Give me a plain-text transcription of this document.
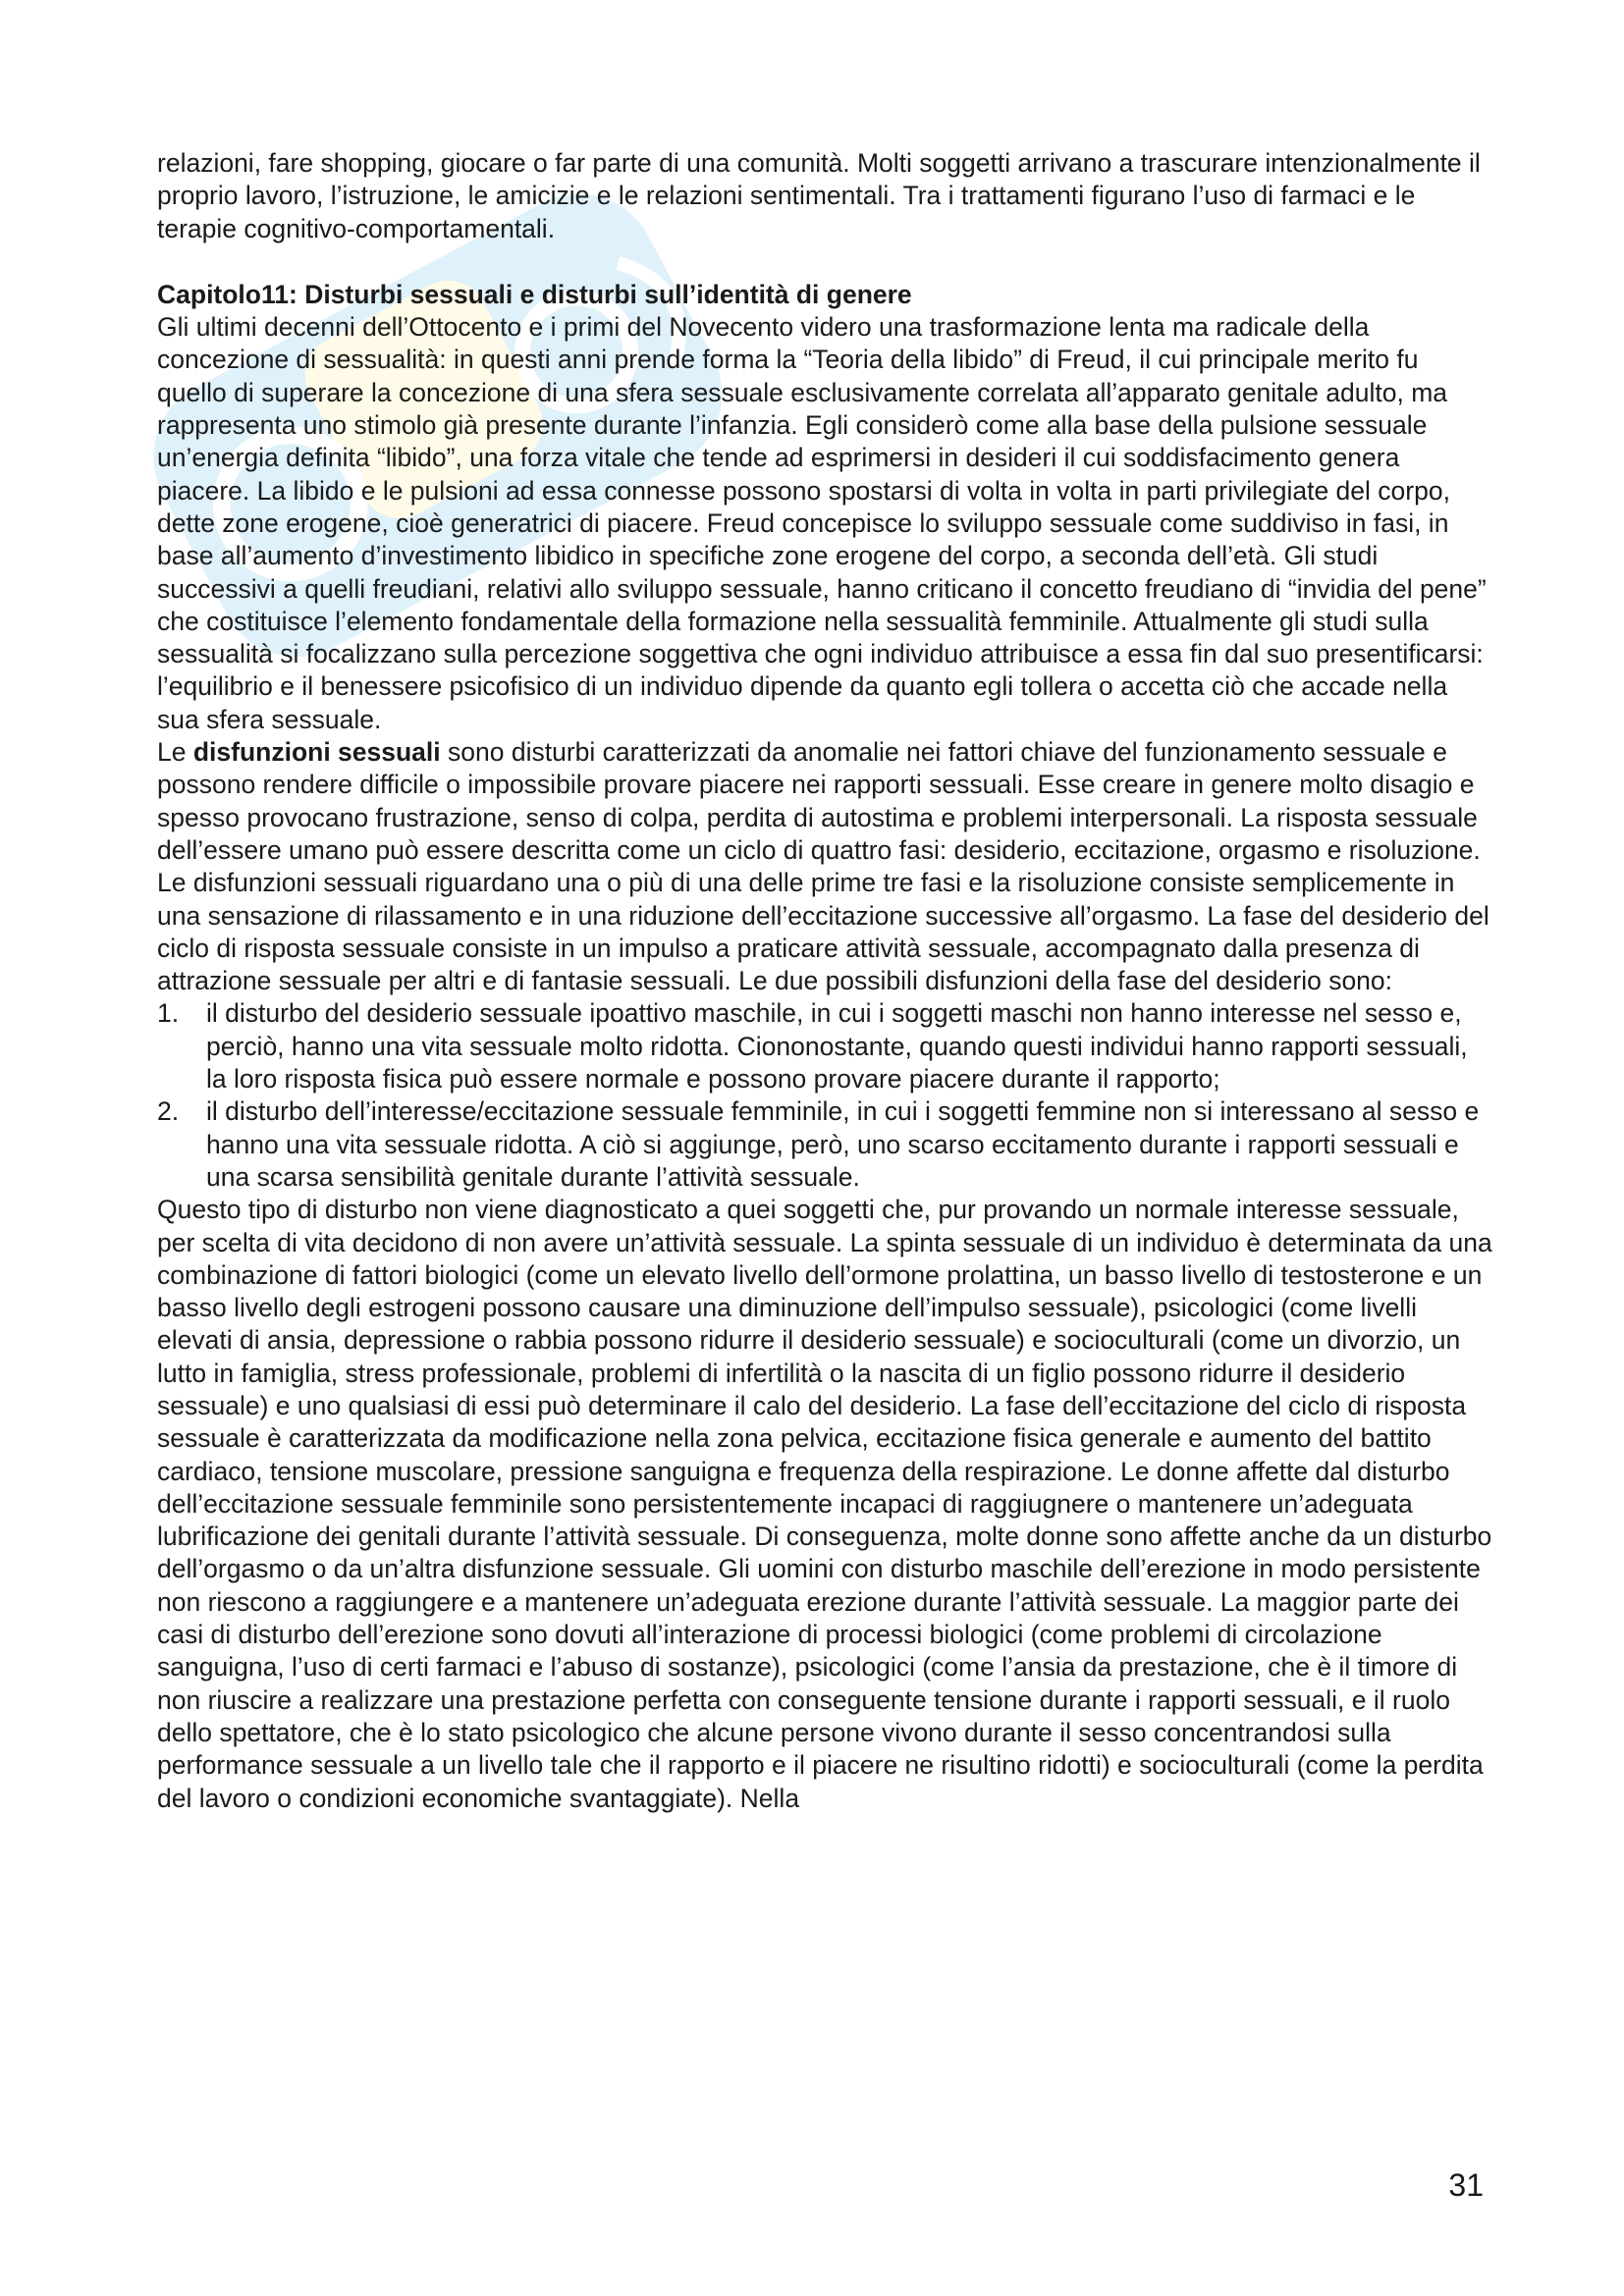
relazioni, fare shopping, giocare o far parte di una comunità. Molti soggetti arrivano a trascurare intenzionalmente il proprio lavoro, l’istruzione, le amicizie e le relazioni sentimentali. Tra i trattamenti figurano l’uso di farmaci e le terapie cognitivo-comportamentali.

Capitolo11: Disturbi sessuali e disturbi sull’identità di genere

Gli ultimi decenni dell’Ottocento e i primi del Novecento videro una trasformazione lenta ma radicale della concezione di sessualità: in questi anni prende forma la “Teoria della libido” di Freud, il cui principale merito fu quello di superare la concezione di una sfera sessuale esclusivamente correlata all’apparato genitale adulto, ma rappresenta uno stimolo già presente durante l’infanzia. Egli considerò come alla base della pulsione sessuale un’energia definita “libido”, una forza vitale che tende ad esprimersi in desideri il cui soddisfacimento genera piacere. La libido e le pulsioni ad essa connesse possono spostarsi di volta in volta in parti privilegiate del corpo, dette zone erogene, cioè generatrici di piacere. Freud concepisce lo sviluppo sessuale come suddiviso in fasi, in base all’aumento d’investimento libidico in specifiche zone erogene del corpo, a seconda dell’età. Gli studi successivi a quelli freudiani, relativi allo sviluppo sessuale, hanno criticano il concetto freudiano di “invidia del pene” che costituisce l’elemento fondamentale della formazione nella sessualità femminile. Attualmente gli studi sulla sessualità si focalizzano sulla percezione soggettiva che ogni individuo attribuisce a essa fin dal suo presentificarsi: l’equilibrio e il benessere psicofisico di un individuo dipende da quanto egli tollera o accetta ciò che accade nella sua sfera sessuale.

Le disfunzioni sessuali sono disturbi caratterizzati da anomalie nei fattori chiave del funzionamento sessuale e possono rendere difficile o impossibile provare piacere nei rapporti sessuali. Esse creare in genere molto disagio e spesso provocano frustrazione, senso di colpa, perdita di autostima e problemi interpersonali. La risposta sessuale dell’essere umano può essere descritta come un ciclo di quattro fasi: desiderio, eccitazione, orgasmo e risoluzione. Le disfunzioni sessuali riguardano una o più di una delle prime tre fasi e la risoluzione consiste semplicemente in una sensazione di rilassamento e in una riduzione dell’eccitazione successive all’orgasmo. La fase del desiderio del ciclo di risposta sessuale consiste in un impulso a praticare attività sessuale, accompagnato dalla presenza di attrazione sessuale per altri e di fantasie sessuali. Le due possibili disfunzioni della fase del desiderio sono:

1. il disturbo del desiderio sessuale ipoattivo maschile, in cui i soggetti maschi non hanno interesse nel sesso e, perciò, hanno una vita sessuale molto ridotta. Ciononostante, quando questi individui hanno rapporti sessuali, la loro risposta fisica può essere normale e possono provare piacere durante il rapporto;
2. il disturbo dell’interesse/eccitazione sessuale femminile, in cui i soggetti femmine non si interessano al sesso e hanno una vita sessuale ridotta. A ciò si aggiunge, però, uno scarso eccitamento durante i rapporti sessuali e una scarsa sensibilità genitale durante l’attività sessuale.

Questo tipo di disturbo non viene diagnosticato a quei soggetti che, pur provando un normale interesse sessuale, per scelta di vita decidono di non avere un’attività sessuale. La spinta sessuale di un individuo è determinata da una combinazione di fattori biologici (come un elevato livello dell’ormone prolattina, un basso livello di testosterone e un basso livello degli estrogeni possono causare una diminuzione dell’impulso sessuale), psicologici (come livelli elevati di ansia, depressione o rabbia possono ridurre il desiderio sessuale) e socioculturali (come un divorzio, un lutto in famiglia, stress professionale, problemi di infertilità o la nascita di un figlio possono ridurre il desiderio sessuale) e uno qualsiasi di essi può determinare il calo del desiderio. La fase dell’eccitazione del ciclo di risposta sessuale è caratterizzata da modificazione nella zona pelvica, eccitazione fisica generale e aumento del battito cardiaco, tensione muscolare, pressione sanguigna e frequenza della respirazione. Le donne affette dal disturbo dell’eccitazione sessuale femminile sono persistentemente incapaci di raggiugnere o mantenere un’adeguata lubrificazione dei genitali durante l’attività sessuale. Di conseguenza, molte donne sono affette anche da un disturbo dell’orgasmo o da un’altra disfunzione sessuale. Gli uomini con disturbo maschile dell’erezione in modo persistente non riescono a raggiungere e a mantenere un’adeguata erezione durante l’attività sessuale. La maggior parte dei casi di disturbo dell’erezione sono dovuti all’interazione di processi biologici (come problemi di circolazione sanguigna, l’uso di certi farmaci e l’abuso di sostanze), psicologici (come l’ansia da prestazione, che è il timore di non riuscire a realizzare una prestazione perfetta con conseguente tensione durante i rapporti sessuali, e il ruolo dello spettatore, che è lo stato psicologico che alcune persone vivono durante il sesso concentrandosi sulla performance sessuale a un livello tale che il rapporto e il piacere ne risultino ridotti) e socioculturali (come la perdita del lavoro o condizioni economiche svantaggiate). Nella

31
